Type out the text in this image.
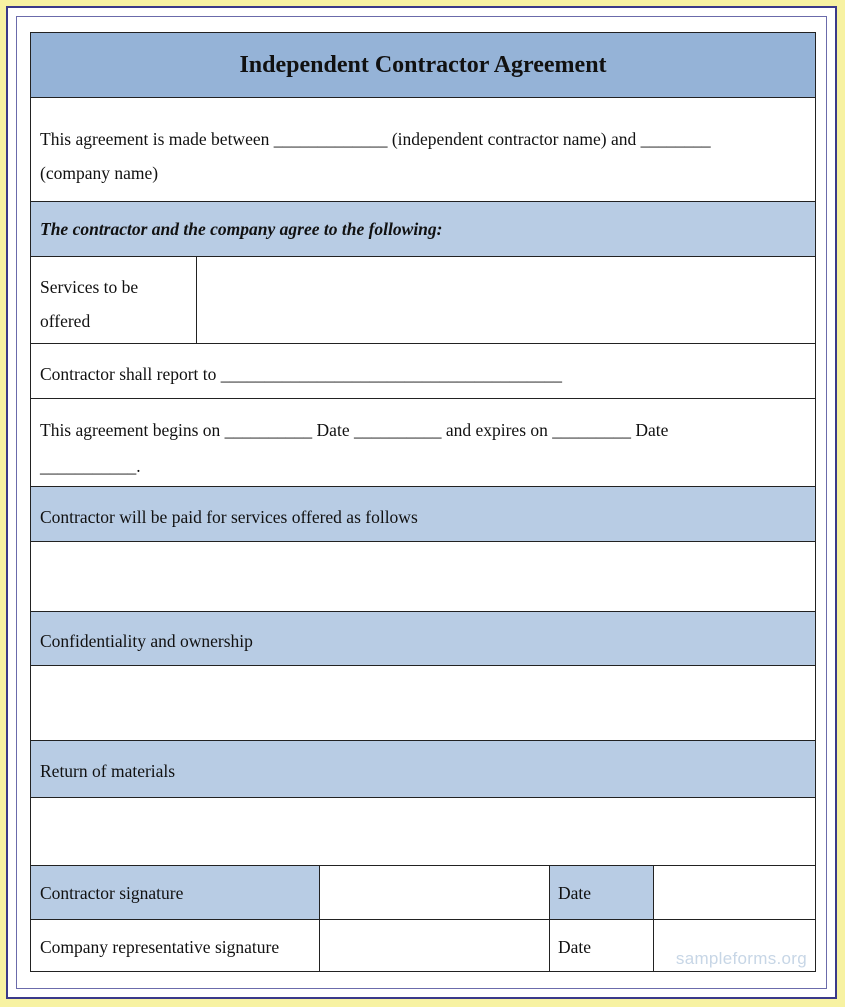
Independent Contractor Agreement
This agreement is made between _____________ (independent contractor name) and ________
(company name)
The contractor and the company agree to the following:
Services to be
offered
Contractor shall report to _______________________________________
This agreement begins on __________ Date __________ and expires on _________ Date
___________.
Contractor will be paid for services offered as follows
Confidentiality and ownership
Return of materials
Contractor signature	Date
Company representative signature	Date
sampleforms.org
